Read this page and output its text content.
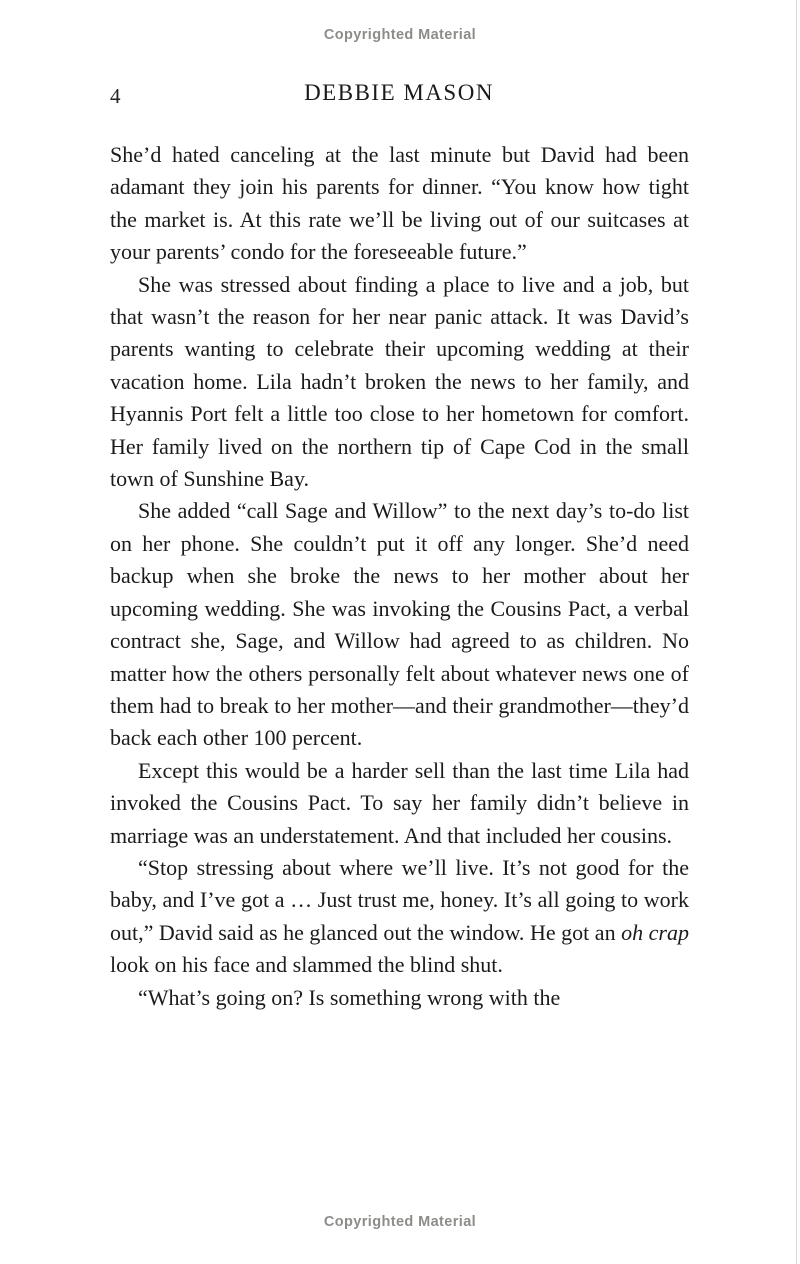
Copyrighted Material
4	DEBBIE MASON

She’d hated canceling at the last minute but David had been adamant they join his parents for dinner. “You know how tight the market is. At this rate we’ll be living out of our suitcases at your parents’ condo for the foreseeable future.”

She was stressed about finding a place to live and a job, but that wasn’t the reason for her near panic attack. It was David’s parents wanting to celebrate their upcoming wedding at their vacation home. Lila hadn’t broken the news to her family, and Hyannis Port felt a little too close to her hometown for comfort. Her family lived on the northern tip of Cape Cod in the small town of Sunshine Bay.

She added “call Sage and Willow” to the next day’s to-do list on her phone. She couldn’t put it off any longer. She’d need backup when she broke the news to her mother about her upcoming wedding. She was invoking the Cousins Pact, a verbal contract she, Sage, and Willow had agreed to as children. No matter how the others personally felt about whatever news one of them had to break to her mother—and their grandmother—they’d back each other 100 percent.

Except this would be a harder sell than the last time Lila had invoked the Cousins Pact. To say her family didn’t believe in marriage was an understatement. And that included her cousins.

“Stop stressing about where we’ll live. It’s not good for the baby, and I’ve got a … Just trust me, honey. It’s all going to work out,” David said as he glanced out the window. He got an oh crap look on his face and slammed the blind shut.

“What’s going on? Is something wrong with the

Copyrighted Material
